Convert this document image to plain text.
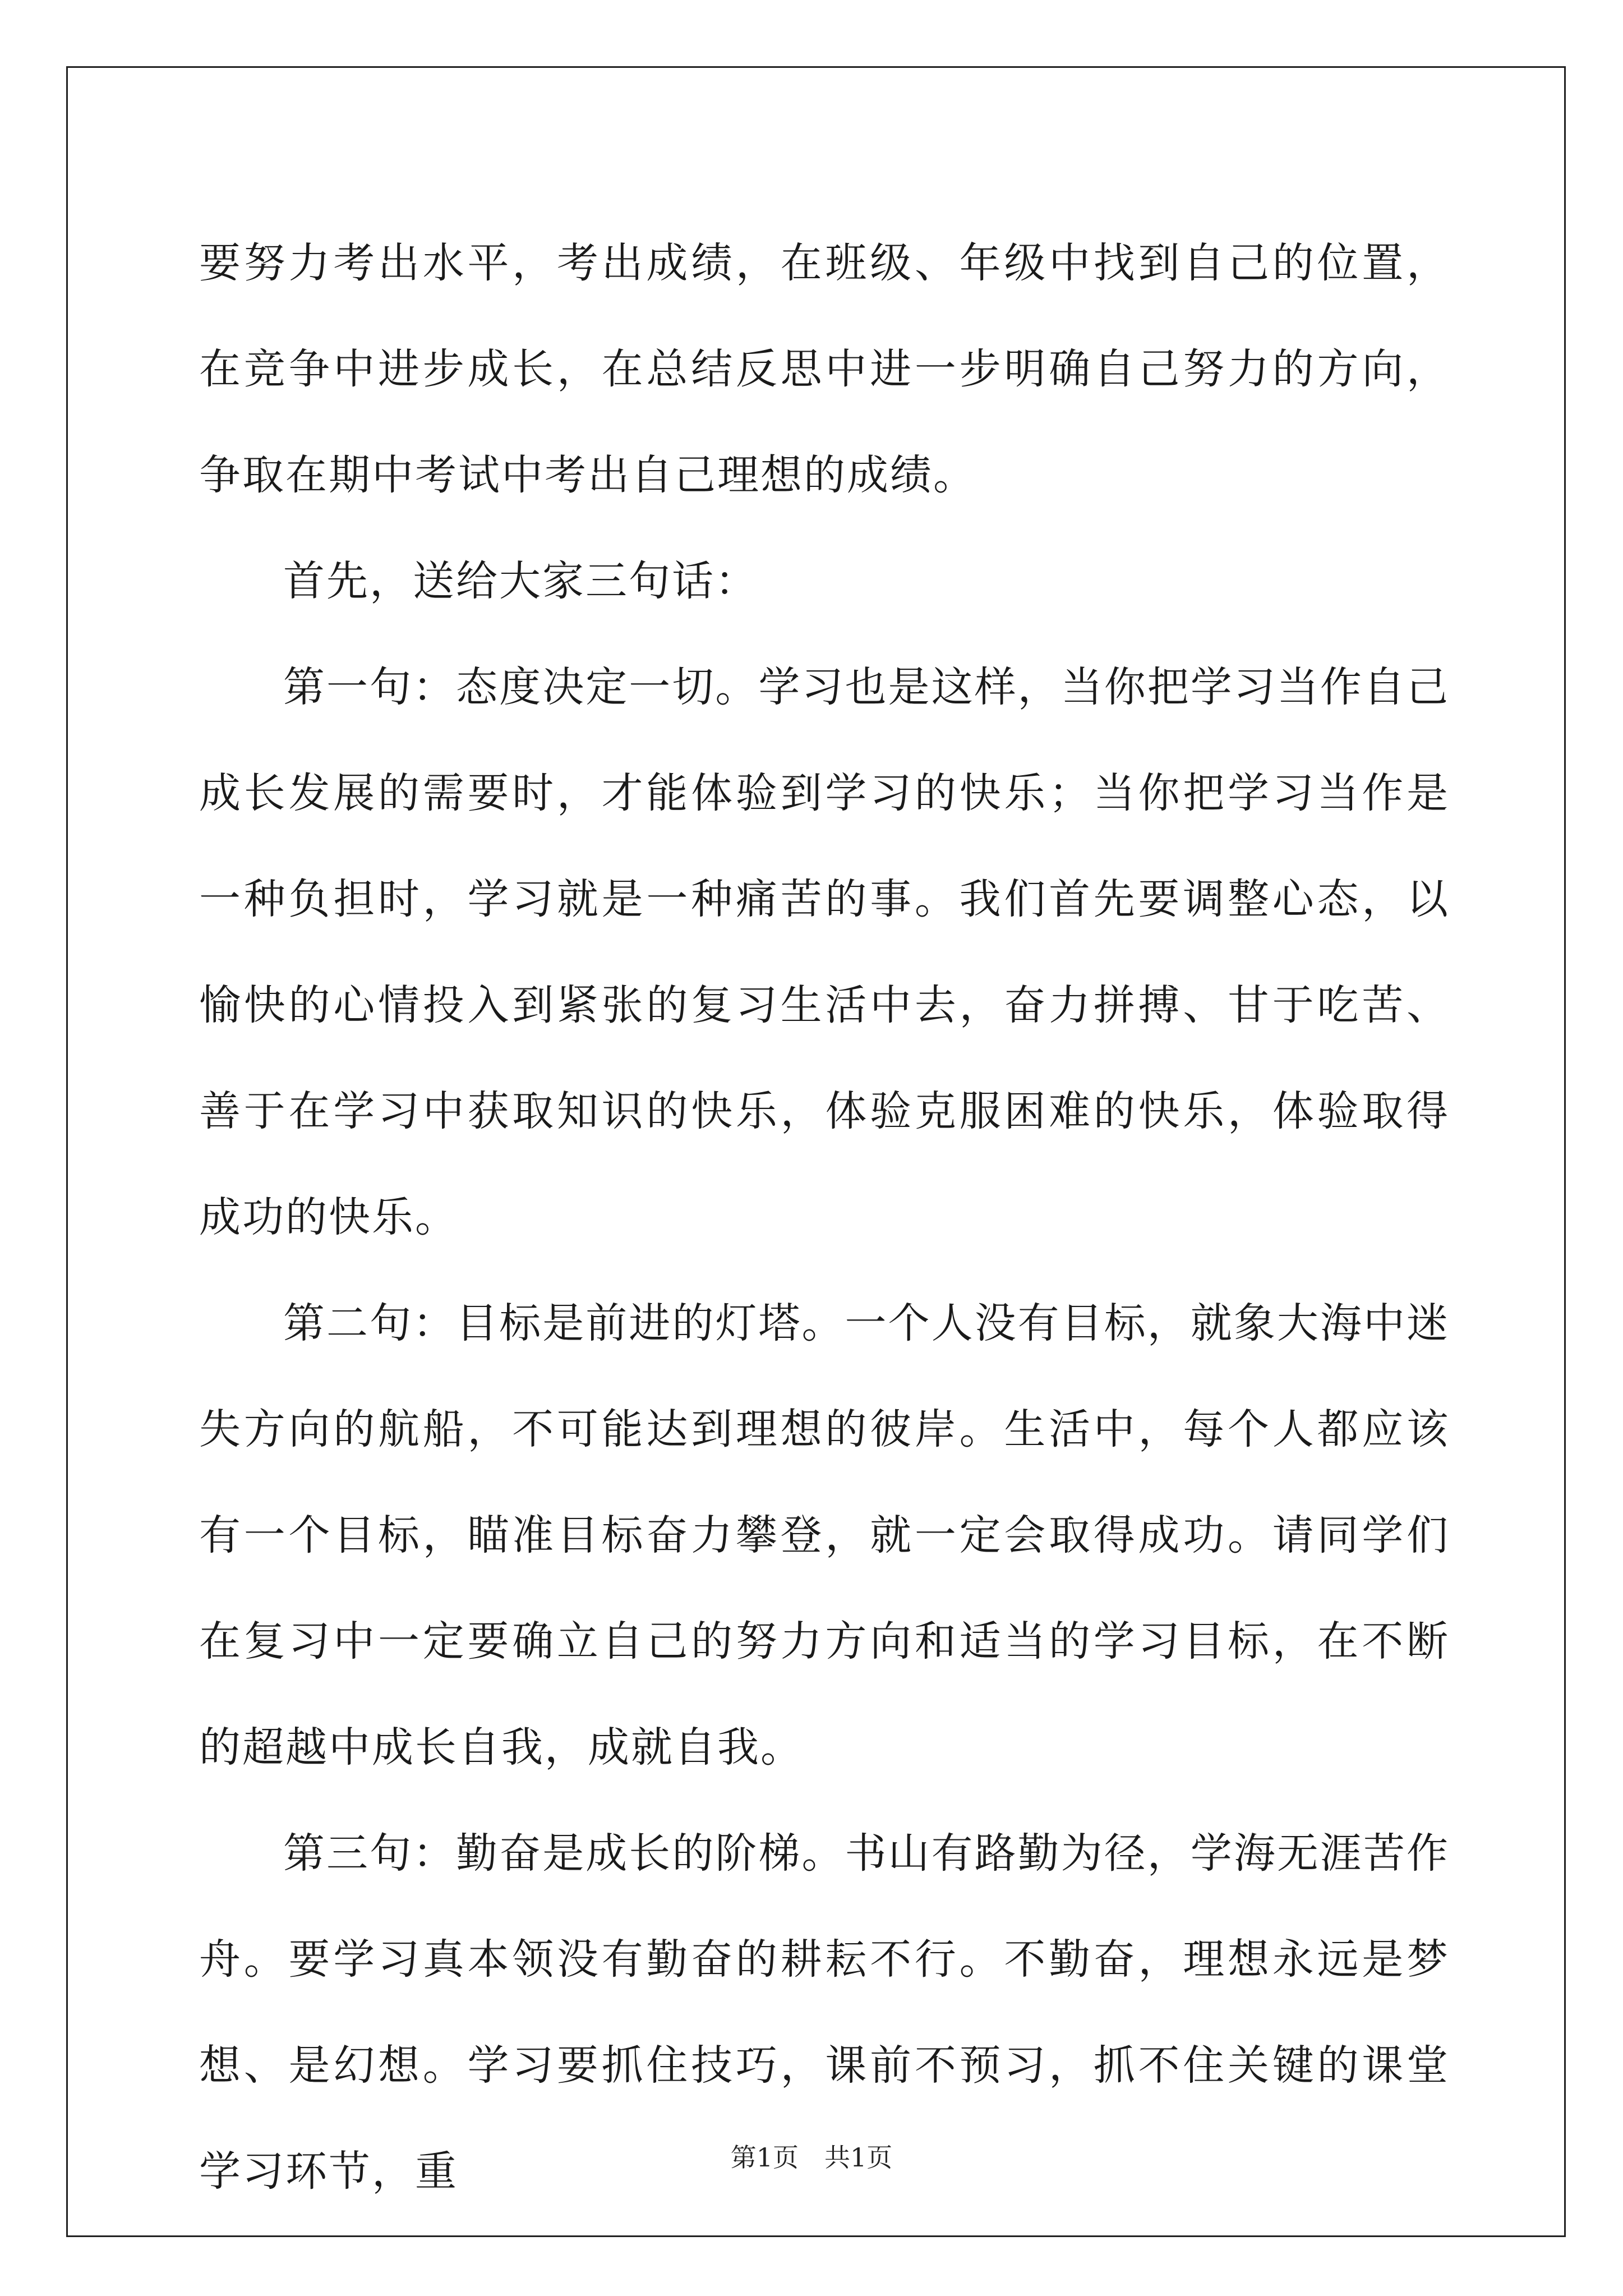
要努力考出水平，考出成绩，在班级、年级中找到自己的位置，在竞争中进步成长，在总结反思中进一步明确自己努力的方向，争取在期中考试中考出自己理想的成绩。

首先，送给大家三句话：

第一句：态度决定一切。学习也是这样，当你把学习当作自己成长发展的需要时，才能体验到学习的快乐；当你把学习当作是一种负担时，学习就是一种痛苦的事。我们首先要调整心态，以愉快的心情投入到紧张的复习生活中去，奋力拼搏、甘于吃苦、善于在学习中获取知识的快乐，体验克服困难的快乐，体验取得成功的快乐。

第二句：目标是前进的灯塔。一个人没有目标，就象大海中迷失方向的航船，不可能达到理想的彼岸。生活中，每个人都应该有一个目标，瞄准目标奋力攀登，就一定会取得成功。请同学们在复习中一定要确立自己的努力方向和适当的学习目标，在不断的超越中成长自我，成就自我。

第三句：勤奋是成长的阶梯。书山有路勤为径，学海无涯苦作舟。要学习真本领没有勤奋的耕耘不行。不勤奋，理想永远是梦想、是幻想。学习要抓住技巧，课前不预习，抓不住关键的课堂学习环节，重	第1页 共1页
